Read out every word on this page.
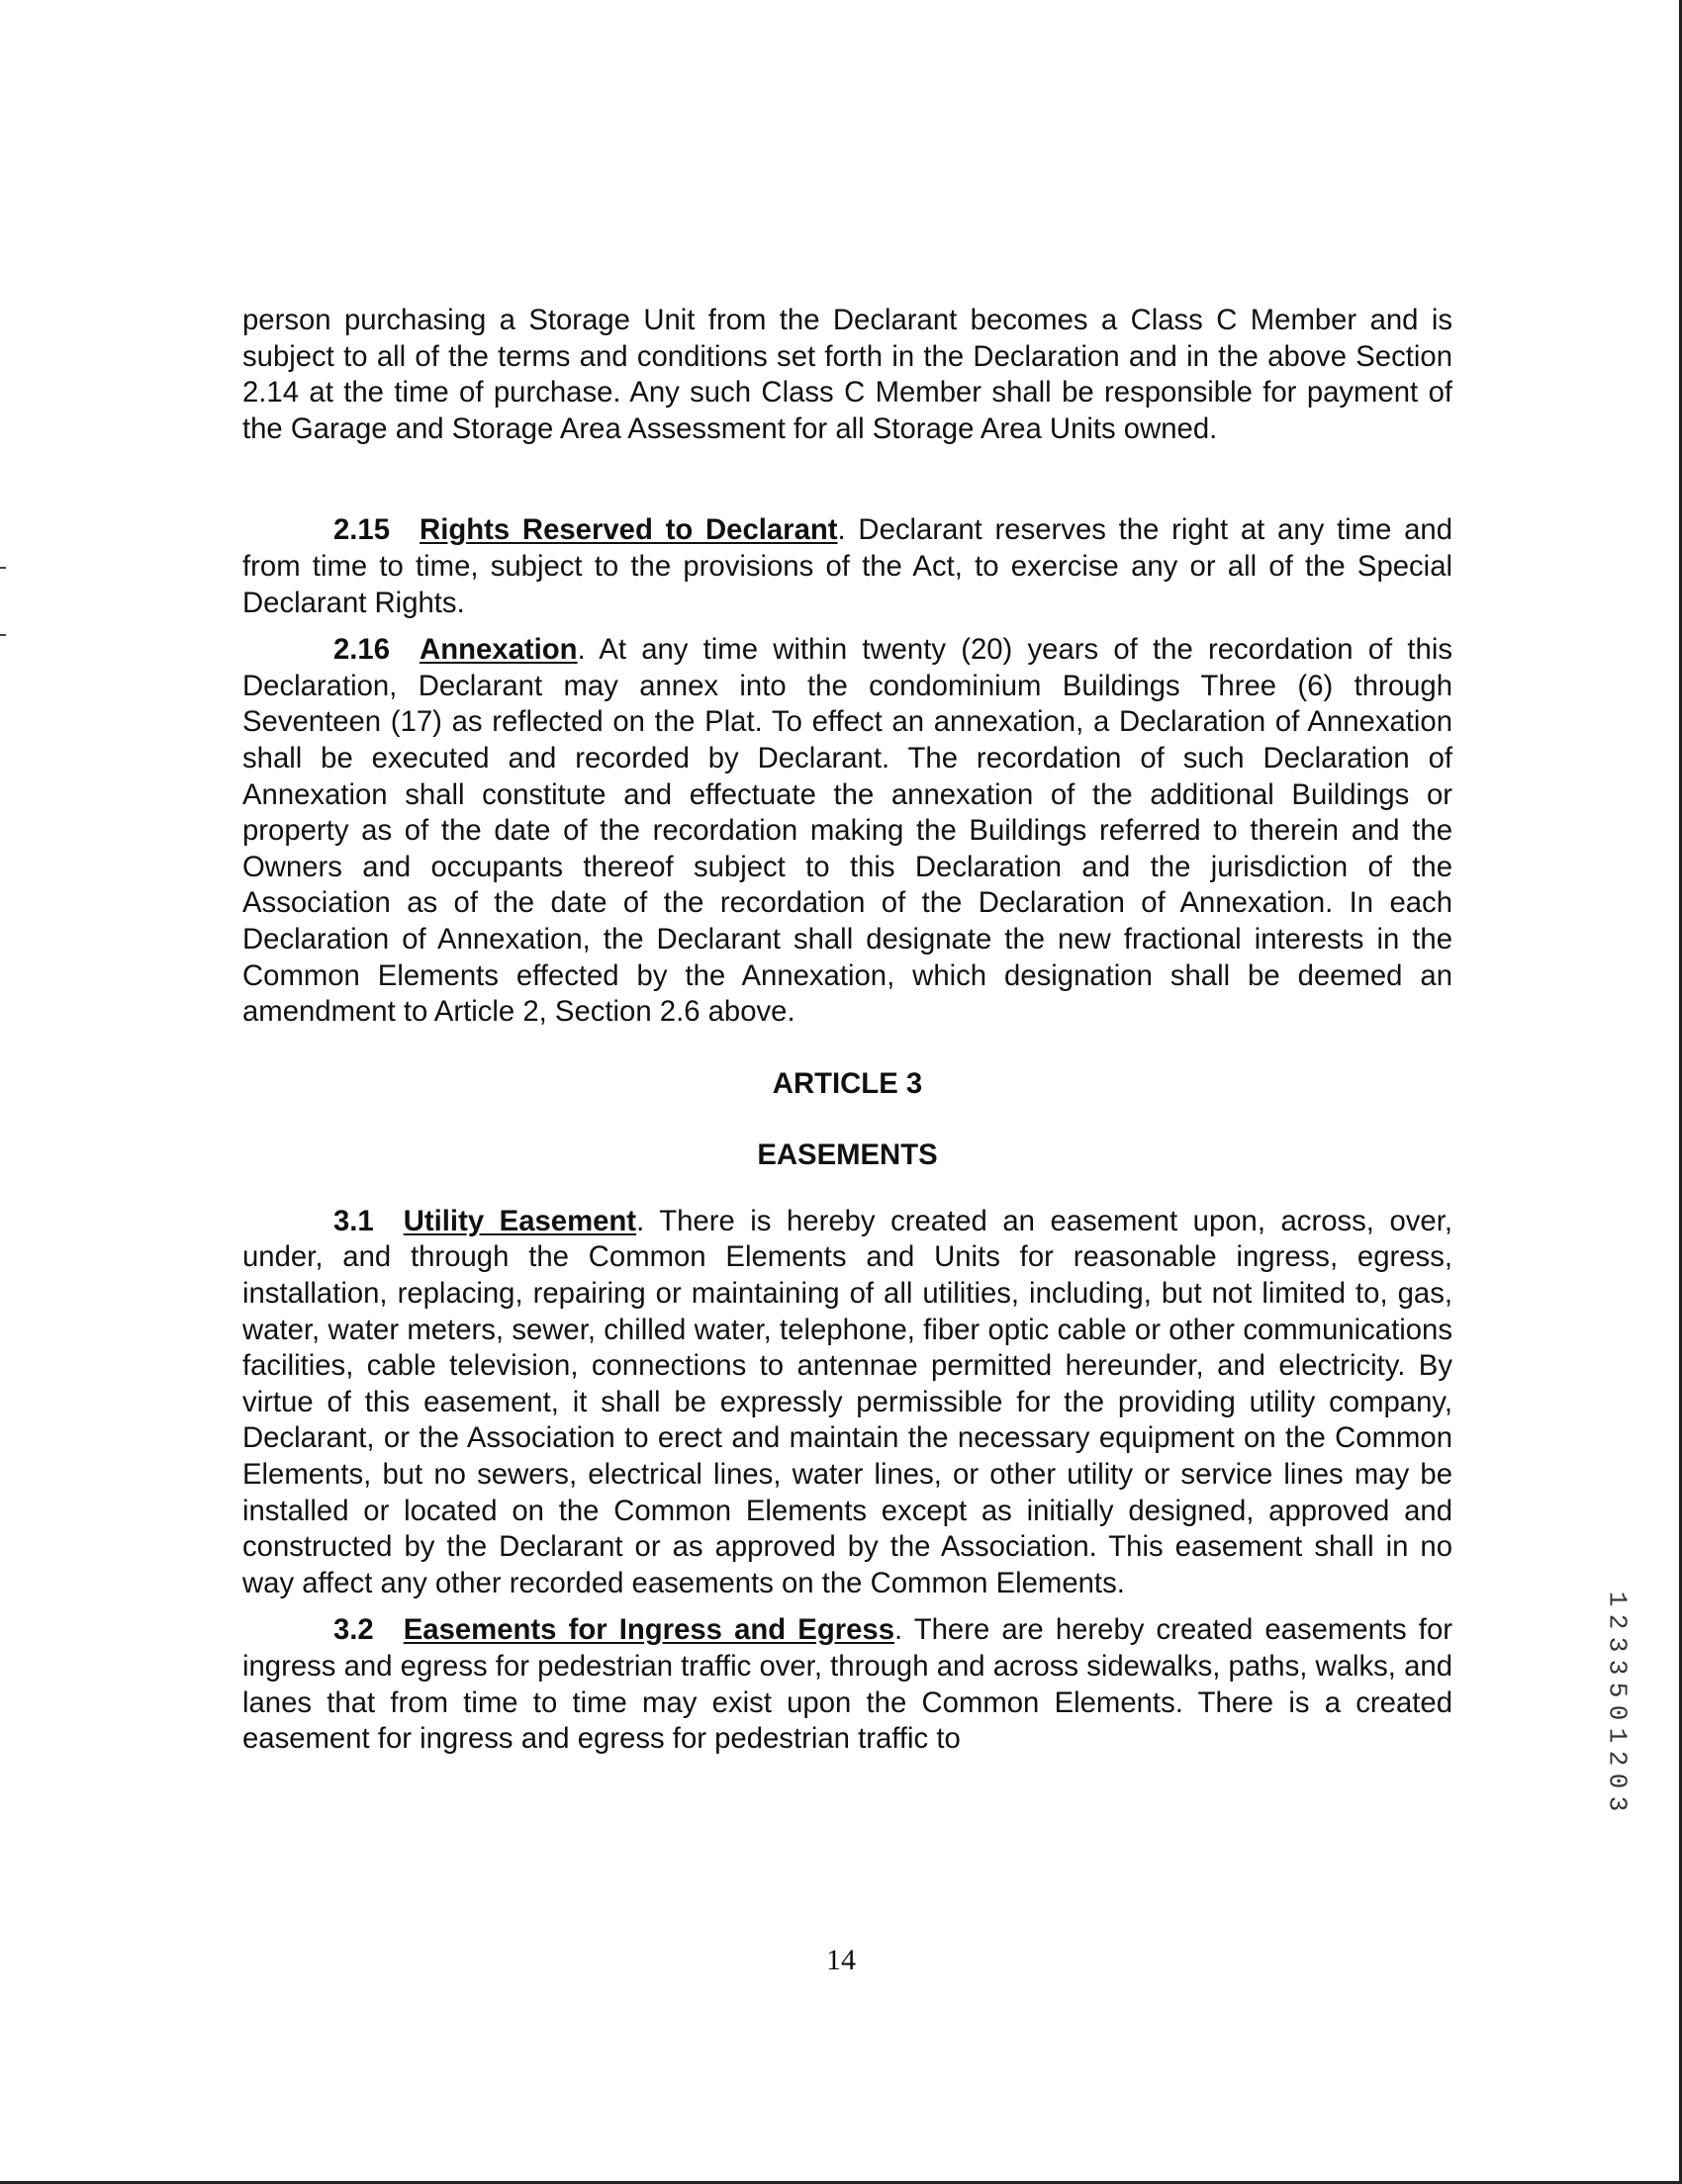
person purchasing a Storage Unit from the Declarant becomes a Class C Member and is subject to all of the terms and conditions set forth in the Declaration and in the above Section 2.14 at the time of purchase. Any such Class C Member shall be responsible for payment of the Garage and Storage Area Assessment for all Storage Area Units owned.

2.15 Rights Reserved to Declarant. Declarant reserves the right at any time and from time to time, subject to the provisions of the Act, to exercise any or all of the Special Declarant Rights.

2.16 Annexation. At any time within twenty (20) years of the recordation of this Declaration, Declarant may annex into the condominium Buildings Three (6) through Seventeen (17) as reflected on the Plat. To effect an annexation, a Declaration of Annexation shall be executed and recorded by Declarant. The recordation of such Declaration of Annexation shall constitute and effectuate the annexation of the additional Buildings or property as of the date of the recordation making the Buildings referred to therein and the Owners and occupants thereof subject to this Declaration and the jurisdiction of the Association as of the date of the recordation of the Declaration of Annexation. In each Declaration of Annexation, the Declarant shall designate the new fractional interests in the Common Elements effected by the Annexation, which designation shall be deemed an amendment to Article 2, Section 2.6 above.

ARTICLE 3

EASEMENTS

3.1 Utility Easement. There is hereby created an easement upon, across, over, under, and through the Common Elements and Units for reasonable ingress, egress, installation, replacing, repairing or maintaining of all utilities, including, but not limited to, gas, water, water meters, sewer, chilled water, telephone, fiber optic cable or other communications facilities, cable television, connections to antennae permitted hereunder, and electricity. By virtue of this easement, it shall be expressly permissible for the providing utility company, Declarant, or the Association to erect and maintain the necessary equipment on the Common Elements, but no sewers, electrical lines, water lines, or other utility or service lines may be installed or located on the Common Elements except as initially designed, approved and constructed by the Declarant or as approved by the Association. This easement shall in no way affect any other recorded easements on the Common Elements.

3.2 Easements for Ingress and Egress. There are hereby created easements for ingress and egress for pedestrian traffic over, through and across sidewalks, paths, walks, and lanes that from time to time may exist upon the Common Elements. There is a created easement for ingress and egress for pedestrian traffic to

14
1
2
3
3
5
0
1
2
0
3
